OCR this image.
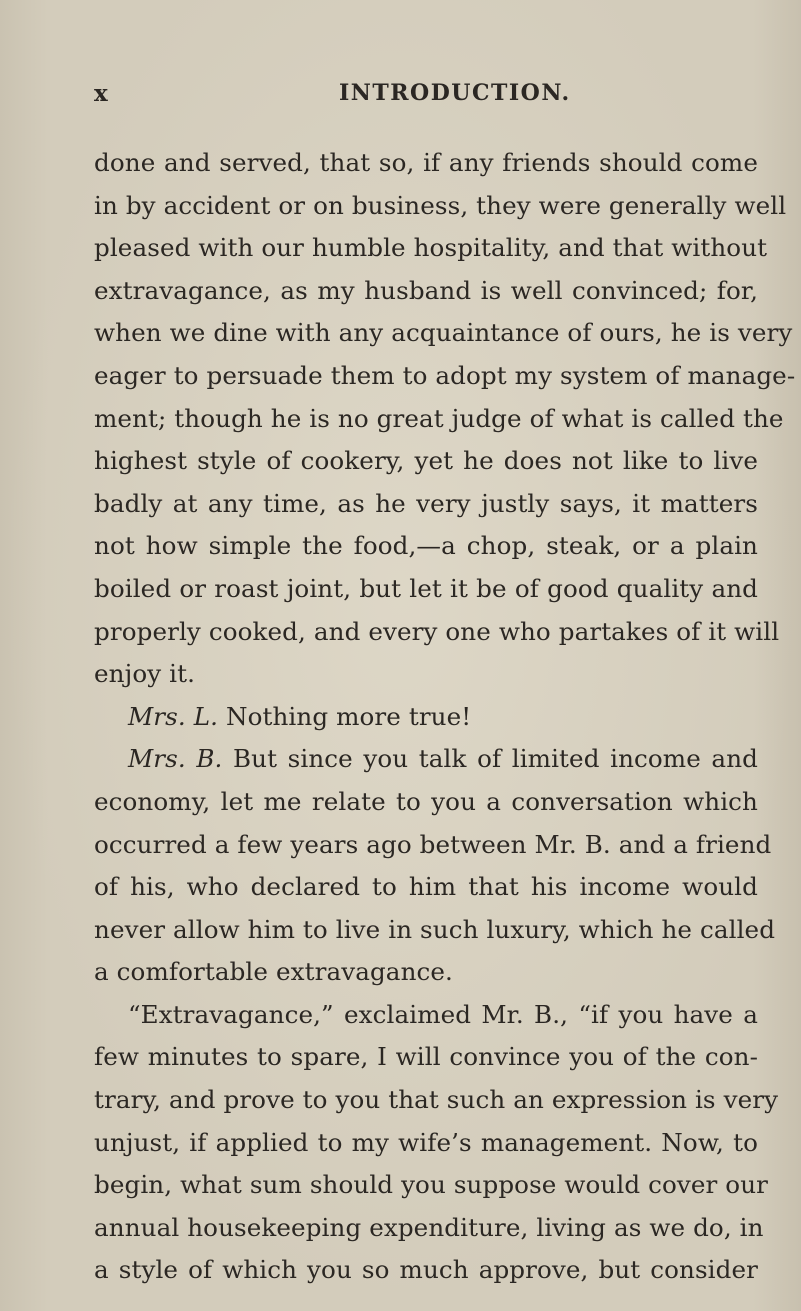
x	INTRODUCTION.
done and served, that so, if any friends should come
in by accident or on business, they were generally well
pleased with our humble hospitality, and that without
extravagance, as my husband is well convinced; for,
when we dine with any acquaintance of ours, he is very
eager to persuade them to adopt my system of manage-
ment; though he is no great judge of what is called the
highest style of cookery, yet he does not like to live
badly at any time, as he very justly says, it matters
not how simple the food,—a chop, steak, or a plain
boiled or roast joint, but let it be of good quality and
properly cooked, and every one who partakes of it will
enjoy it.
Mrs. L. Nothing more true!
Mrs. B. But since you talk of limited income and
economy, let me relate to you a conversation which
occurred a few years ago between Mr. B. and a friend
of his, who declared to him that his income would
never allow him to live in such luxury, which he called
a comfortable extravagance.
“Extravagance,” exclaimed Mr. B., “if you have a
few minutes to spare, I will convince you of the con-
trary, and prove to you that such an expression is very
unjust, if applied to my wife’s management. Now, to
begin, what sum should you suppose would cover our
annual housekeeping expenditure, living as we do, in
a style of which you so much approve, but consider
